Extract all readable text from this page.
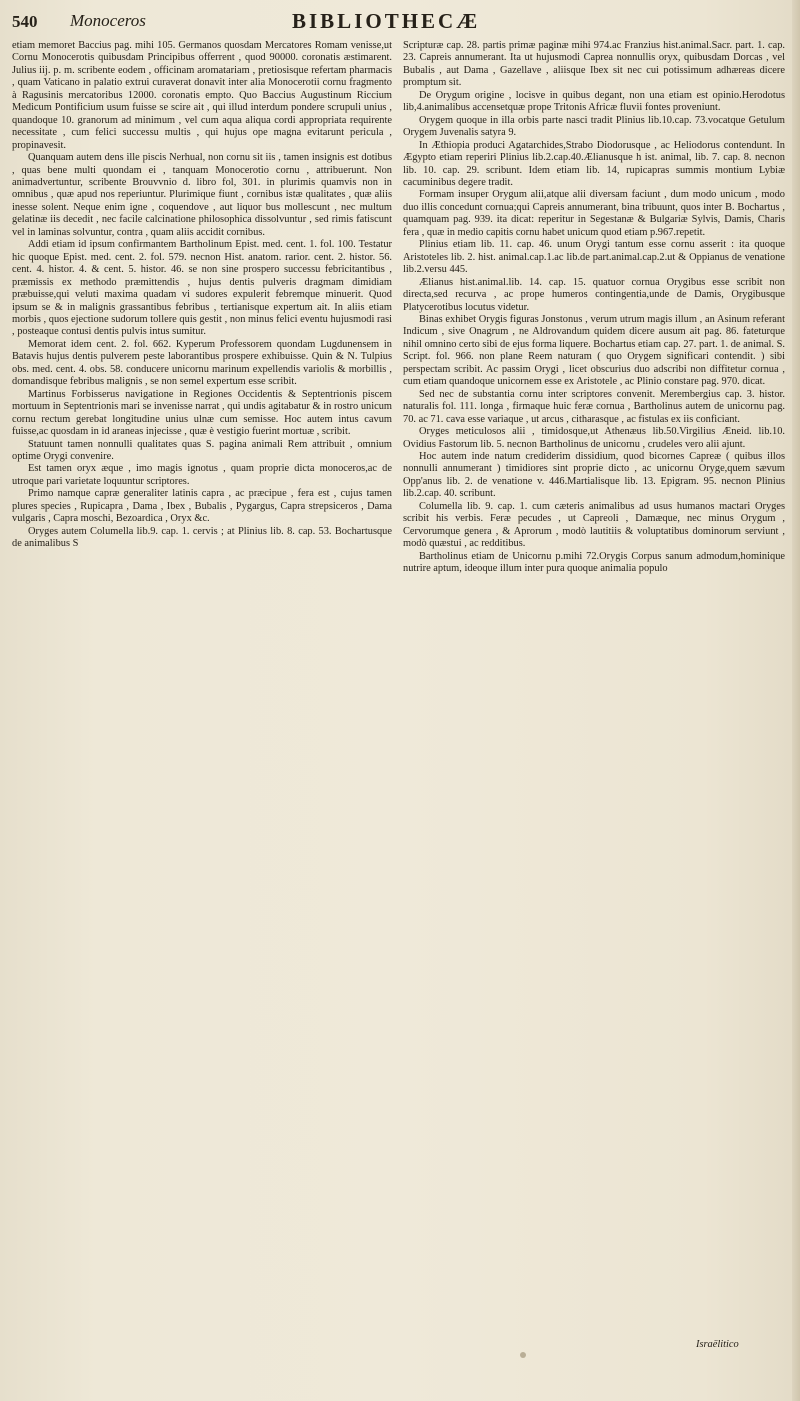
540 Monoceros	BIBLIOTHECÆ

etiam memoret Baccius pag. mihi 105. Germanos quosdam Mercatores Romam venisse,ut Cornu Monocerotis quibusdam Principibus offerrent , quod 90000. coronatis æstimarent. Julius iij. p. m. scribente eodem , officinam aromatariam , pretiosisque refertam pharmacis , quam Vaticano in palatio extrui curaverat donavit inter alia Monocerotii cornu fragmento à Ragusinis mercatoribus 12000. coronatis empto. Quo Baccius Augustinum Riccium Medicum Pontificium usum fuisse se scire ait , qui illud interdum pondere scrupuli unius , quandoque 10. granorum ad minimum , vel cum aqua aliqua cordi appropriata requirente necessitate , cum felici successu multis , qui hujus ope magna evitarunt pericula , propinavesit.

Quanquam autem dens ille piscis Nerhual, non cornu sit iis , tamen insignis est dotibus , quas bene multi quondam ei , tanquam Monocerotio cornu , attribuerunt. Non animadvertuntur, scribente Brouvvnio d. libro fol, 301. in plurimis quamvis non in omnibus , quæ apud nos reperiuntur. Plurimique fiunt , cornibus istæ qualitates , quæ aliis inesse solent. Neque enim igne , coquendove , aut liquor bus mollescunt , nec multum gelatinæ iis decedit , nec facile calcinatione philosophica dissolvuntur , sed rimis fatiscunt vel in laminas solvuntur, contra , quam aliis accidit cornibus.

Addi etiam id ipsum confirmantem Bartholinum Epist. med. cent. 1. fol. 100. Testatur hic quoque Epist. med. cent. 2. fol. 579. necnon Hist. anatom. rarior. cent. 2. histor. 56. cent. 4. histor. 4. & cent. 5. histor. 46. se non sine prospero successu febricitantibus , præmissis ex methodo præmittendis , hujus dentis pulveris dragmam dimidiam præbuisse,qui veluti maxima quadam vi sudores expulerit febremque minuerit. Quod ipsum se & in malignis grassantibus febribus , tertianisque expertum ait. In aliis etiam morbis , quos ejectione sudorum tollere quis gestit , non minus felici eventu hujusmodi rasi , posteaque contusi dentis pulvis intus sumitur.

Memorat idem cent. 2. fol. 662. Kyperum Professorem quondam Lugdunensem in Batavis hujus dentis pulverem peste laborantibus prospere exhibuisse. Quin & N. Tulpius obs. med. cent. 4. obs. 58. conducere unicornu marinum expellendis variolis & morbillis , domandisque febribus malignis , se non semel expertum esse scribit.

Martinus Forbisserus navigatione in Regiones Occidentis & Septentrionis piscem mortuum in Septentrionis mari se invenisse narrat , qui undis agitabatur & in rostro unicum cornu rectum gerebat longitudine unius ulnæ cum semisse. Hoc autem intus cavum fuisse,ac quosdam in id araneas injecisse , quæ è vestigio fuerint mortuæ , scribit.

Statuunt tamen nonnulli qualitates quas S. pagina animali Rem attribuit , omnium optime Orygi convenire.

Est tamen oryx æque , imo magis ignotus , quam proprie dicta monoceros,ac de utroque pari varietate loquuntur scriptores.

Primo namque capræ generaliter latinis capra , ac præcipue , fera est , cujus tamen plures species , Rupicapra , Dama , Ibex , Bubalis , Pygargus, Capra strepsiceros , Dama vulgaris , Capra moschi, Bezoardica , Oryx &c.

Oryges autem Columella lib.9. cap. 1. cervis ; at Plinius lib. 8. cap. 53. Bochartusque de animalibus S

Scripturæ cap. 28. partis primæ paginæ mihi 974.ac Franzius hist.animal.Sacr. part. 1. cap. 23. Capreis annumerant. Ita ut hujusmodi Caprea nonnullis oryx, quibusdam Dorcas , vel Bubalis , aut Dama , Gazellave , aliisque Ibex sit nec cui potissimum adhæreas dicere promptum sit.

De Orygum origine , locisve in quibus degant, non una etiam est opinio.Herodotus lib,4.animalibus accensetquæ prope Tritonis Africæ fluvii fontes proveniunt.

Orygem quoque in illa orbis parte nasci tradit Plinius lib.10.cap. 73.vocatque Getulum Orygem Juvenalis satyra 9.

In Æthiopia produci Agatarchides,Strabo Diodorusque , ac Heliodorus contendunt. In Ægypto etiam reperiri Plinius lib.2.cap.40.Ælianusque h ist. animal, lib. 7. cap. 8. necnon lib. 10. cap. 29. scribunt. Idem etiam lib. 14, rupicapras summis montium Lybiæ cacuminibus degere tradit.

Formam insuper Orygum alii,atque alii diversam faciunt , dum modo unicum , modo duo illis concedunt cornua;qui Capreis annumerant, bina tribuunt, quos inter B. Bochartus , quamquam pag. 939. ita dicat: reperitur in Segestanæ & Bulgariæ Sylvis, Damis, Charis fera , quæ in medio capitis cornu habet unicum quod etiam p.967.repetit.

Plinius etiam lib. 11. cap. 46. unum Orygi tantum esse cornu asserit : ita quoque Aristoteles lib. 2. hist. animal.cap.1.ac lib.de part.animal.cap.2.ut & Oppianus de venatione lib.2.versu 445.

Ælianus hist.animal.lib. 14. cap. 15. quatuor cornua Orygibus esse scribit non directa,sed recurva , ac prope humeros contingentia,unde de Damis, Orygibusque Platycerotibus locutus videtur.

Binas exhibet Orygis figuras Jonstonus , verum utrum magis illum , an Asinum referant Indicum , sive Onagrum , ne Aldrovandum quidem dicere ausum ait pag. 86. fateturque nihil omnino certo sibi de ejus forma liquere. Bochartus etiam cap. 27. part. 1. de animal. S. Script. fol. 966. non plane Reem naturam ( quo Orygem significari contendit. ) sibi perspectam scribit. Ac passim Orygi , licet obscurius duo adscribi non diffitetur cornua , cum etiam quandoque unicornem esse ex Aristotele , ac Plinio constare pag. 970. dicat.

Sed nec de substantia cornu inter scriptores convenit. Merembergius cap. 3. histor. naturalis fol. 111. longa , firmaque huic feræ cornua , Bartholinus autem de unicornu pag. 70. ac 71. cava esse variaque , ut arcus , citharasque , ac fistulas ex iis conficiant.

Oryges meticulosos alii , timidosque,ut Athenæus lib.50.Virgilius Æneid. lib.10. Ovidius Fastorum lib. 5. necnon Bartholinus de unicornu , crudeles vero alii ajunt.

Hoc autem inde natum crediderim dissidium, quod bicornes Capreæ ( quibus illos nonnulli annumerant ) timidiores sint proprie dicto , ac unicornu Oryge,quem sævum Opp'anus lib. 2. de venatione v. 446.Martialisque lib. 13. Epigram. 95. necnon Plinius lib.2.cap. 40. scribunt.

Columella lib. 9. cap. 1. cum cæteris animalibus ad usus humanos mactari Oryges scribit his verbis. Feræ pecudes , ut Capreoli , Damæque, nec minus Orygum , Cervorumque genera , & Aprorum , modò lautitiis & voluptatibus dominorum serviunt , modò quæstui , ac redditibus.

Bartholinus etiam de Unicornu p.mihi 72.Orygis Corpus sanum admodum,hominique nutrire aptum, ideoque illum inter pura quoque animalia populo

Israëlitico
